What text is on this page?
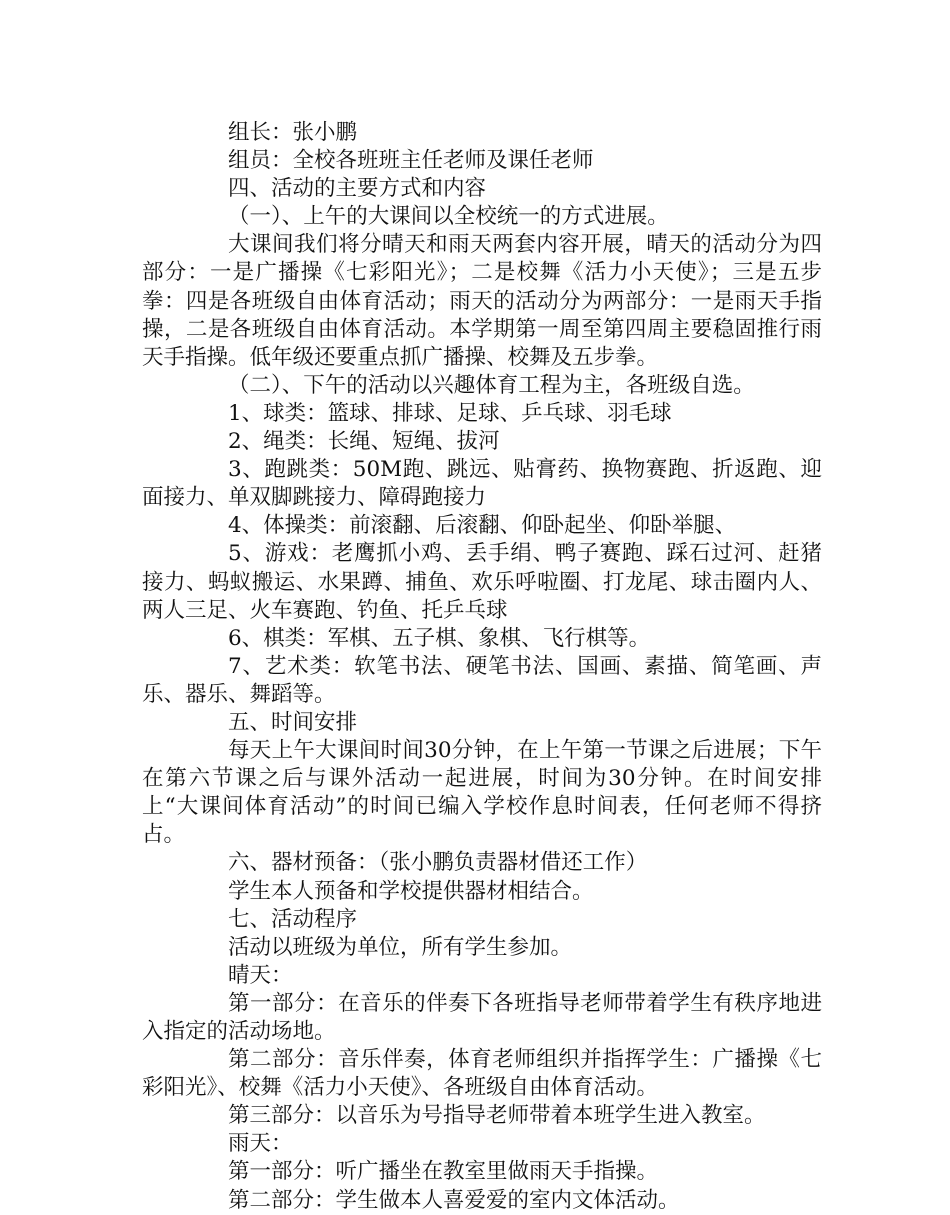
组长：张小鹏

组员：全校各班班主任老师及课任老师

四、活动的主要方式和内容

（一）、上午的大课间以全校统一的方式进展。

大课间我们将分晴天和雨天两套内容开展，晴天的活动分为四部分：一是广播操《七彩阳光》；二是校舞《活力小天使》；三是五步拳：四是各班级自由体育活动；雨天的活动分为两部分：一是雨天手指操，二是各班级自由体育活动。本学期第一周至第四周主要稳固推行雨天手指操。低年级还要重点抓广播操、校舞及五步拳。

（二）、下午的活动以兴趣体育工程为主，各班级自选。

1、球类：篮球、排球、足球、乒乓球、羽毛球

2、绳类：长绳、短绳、拔河

3、跑跳类：50M跑、跳远、贴膏药、换物赛跑、折返跑、迎面接力、单双脚跳接力、障碍跑接力

4、体操类：前滚翻、后滚翻、仰卧起坐、仰卧举腿、

5、游戏：老鹰抓小鸡、丢手绢、鸭子赛跑、踩石过河、赶猪接力、蚂蚁搬运、水果蹲、捕鱼、欢乐呼啦圈、打龙尾、球击圈内人、两人三足、火车赛跑、钓鱼、托乒乓球

6、棋类：军棋、五子棋、象棋、飞行棋等。

7、艺术类：软笔书法、硬笔书法、国画、素描、简笔画、声乐、器乐、舞蹈等。

五、时间安排

每天上午大课间时间30分钟，在上午第一节课之后进展；下午在第六节课之后与课外活动一起进展，时间为30分钟。在时间安排上“大课间体育活动”的时间已编入学校作息时间表，任何老师不得挤占。

六、器材预备：（张小鹏负责器材借还工作）

学生本人预备和学校提供器材相结合。

七、活动程序

活动以班级为单位，所有学生参加。

晴天：

第一部分：在音乐的伴奏下各班指导老师带着学生有秩序地进入指定的活动场地。

第二部分：音乐伴奏，体育老师组织并指挥学生：广播操《七彩阳光》、校舞《活力小天使》、各班级自由体育活动。

第三部分：以音乐为号指导老师带着本班学生进入教室。

雨天：

第一部分：听广播坐在教室里做雨天手指操。

第二部分：学生做本人喜爱爱的室内文体活动。
